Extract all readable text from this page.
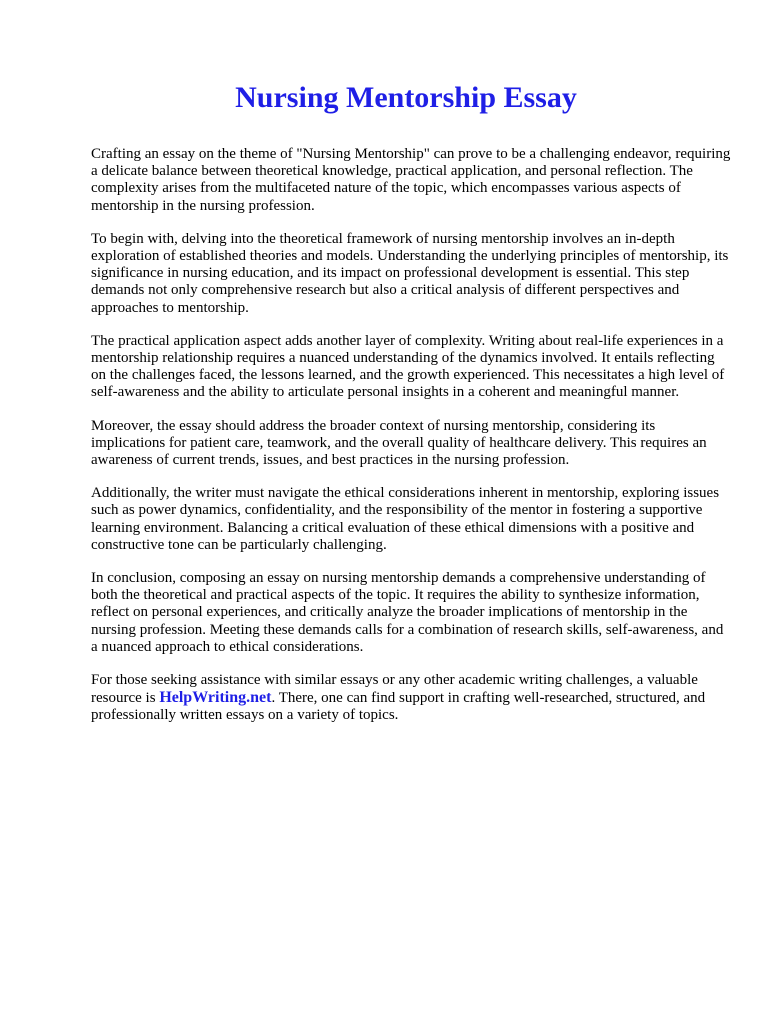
Nursing Mentorship Essay

Crafting an essay on the theme of "Nursing Mentorship" can prove to be a challenging endeavor, requiring a delicate balance between theoretical knowledge, practical application, and personal reflection. The complexity arises from the multifaceted nature of the topic, which encompasses various aspects of mentorship in the nursing profession.

To begin with, delving into the theoretical framework of nursing mentorship involves an in-depth exploration of established theories and models. Understanding the underlying principles of mentorship, its significance in nursing education, and its impact on professional development is essential. This step demands not only comprehensive research but also a critical analysis of different perspectives and approaches to mentorship.

The practical application aspect adds another layer of complexity. Writing about real-life experiences in a mentorship relationship requires a nuanced understanding of the dynamics involved. It entails reflecting on the challenges faced, the lessons learned, and the growth experienced. This necessitates a high level of self-awareness and the ability to articulate personal insights in a coherent and meaningful manner.

Moreover, the essay should address the broader context of nursing mentorship, considering its implications for patient care, teamwork, and the overall quality of healthcare delivery. This requires an awareness of current trends, issues, and best practices in the nursing profession.

Additionally, the writer must navigate the ethical considerations inherent in mentorship, exploring issues such as power dynamics, confidentiality, and the responsibility of the mentor in fostering a supportive learning environment. Balancing a critical evaluation of these ethical dimensions with a positive and constructive tone can be particularly challenging.

In conclusion, composing an essay on nursing mentorship demands a comprehensive understanding of both the theoretical and practical aspects of the topic. It requires the ability to synthesize information, reflect on personal experiences, and critically analyze the broader implications of mentorship in the nursing profession. Meeting these demands calls for a combination of research skills, self-awareness, and a nuanced approach to ethical considerations.

For those seeking assistance with similar essays or any other academic writing challenges, a valuable resource is HelpWriting.net. There, one can find support in crafting well-researched, structured, and professionally written essays on a variety of topics.
